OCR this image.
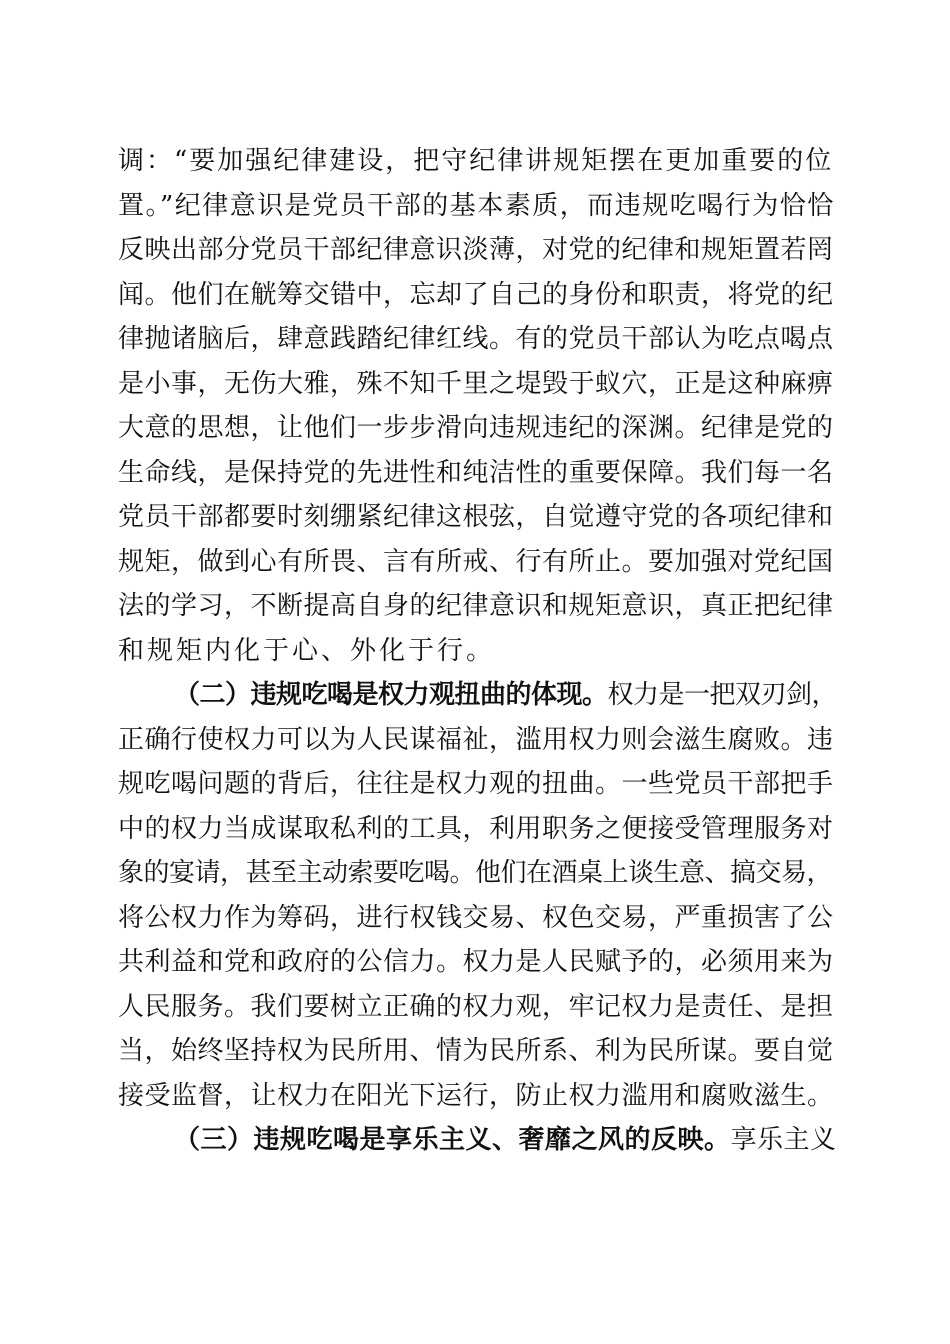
调：“要加强纪律建设，把守纪律讲规矩摆在更加重要的位
置。”纪律意识是党员干部的基本素质，而违规吃喝行为恰恰
反映出部分党员干部纪律意识淡薄，对党的纪律和规矩置若罔
闻。他们在觥筹交错中，忘却了自己的身份和职责，将党的纪
律抛诸脑后，肆意践踏纪律红线。有的党员干部认为吃点喝点
是小事，无伤大雅，殊不知千里之堤毁于蚁穴，正是这种麻痹
大意的思想，让他们一步步滑向违规违纪的深渊。纪律是党的
生命线，是保持党的先进性和纯洁性的重要保障。我们每一名
党员干部都要时刻绷紧纪律这根弦，自觉遵守党的各项纪律和
规矩，做到心有所畏、言有所戒、行有所止。要加强对党纪国
法的学习，不断提高自身的纪律意识和规矩意识，真正把纪律
和规矩内化于心、外化于行。
（二）违规吃喝是权力观扭曲的体现。权力是一把双刃剑，
正确行使权力可以为人民谋福祉，滥用权力则会滋生腐败。违
规吃喝问题的背后，往往是权力观的扭曲。一些党员干部把手
中的权力当成谋取私利的工具，利用职务之便接受管理服务对
象的宴请，甚至主动索要吃喝。他们在酒桌上谈生意、搞交易，
将公权力作为筹码，进行权钱交易、权色交易，严重损害了公
共利益和党和政府的公信力。权力是人民赋予的，必须用来为
人民服务。我们要树立正确的权力观，牢记权力是责任、是担
当，始终坚持权为民所用、情为民所系、利为民所谋。要自觉
接受监督，让权力在阳光下运行，防止权力滥用和腐败滋生。
（三）违规吃喝是享乐主义、奢靡之风的反映。享乐主义
